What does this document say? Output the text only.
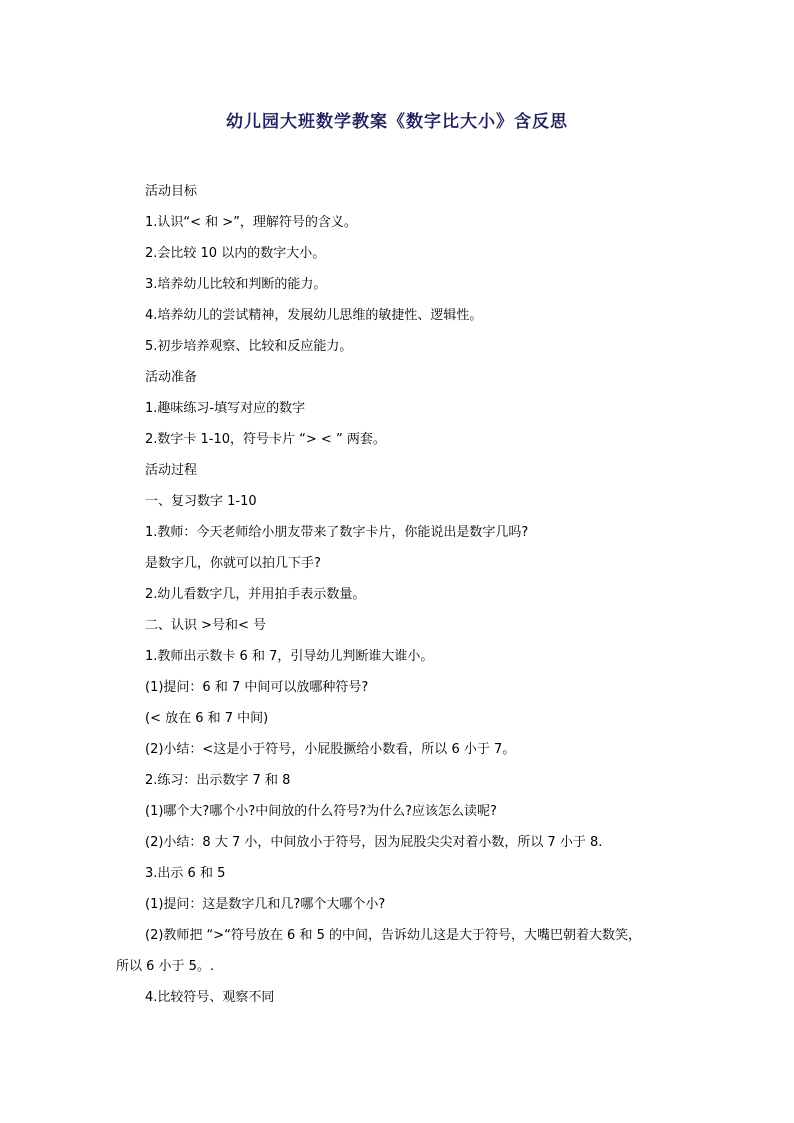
幼儿园大班数学教案《数字比大小》含反思

活动目标

1.认识“< 和 >”，理解符号的含义。

2.会比较 10 以内的数字大小。

3.培养幼儿比较和判断的能力。

4.培养幼儿的尝试精神，发展幼儿思维的敏捷性、逻辑性。

5.初步培养观察、比较和反应能力。

活动准备

1.趣味练习-填写对应的数字

2.数字卡 1-10，符号卡片 “> < ” 两套。

活动过程

一、复习数字 1-10

1.教师：今天老师给小朋友带来了数字卡片，你能说出是数字几吗?

是数字几，你就可以拍几下手?

2.幼儿看数字几，并用拍手表示数量。

二、认识 >号和< 号

1.教师出示数卡 6 和 7，引导幼儿判断谁大谁小。

(1)提问：6 和 7 中间可以放哪种符号?

(< 放在 6 和 7 中间)

(2)小结：<这是小于符号，小屁股撅给小数看，所以 6 小于 7。

2.练习：出示数字 7 和 8

(1)哪个大?哪个小?中间放的什么符号?为什么?应该怎么读呢?

(2)小结：8 大 7 小，中间放小于符号，因为屁股尖尖对着小数，所以 7 小于 8.

3.出示 6 和 5

(1)提问：这是数字几和几?哪个大哪个小?

(2)教师把 “>“符号放在 6 和 5 的中间，告诉幼儿这是大于符号，大嘴巴朝着大数笑，

所以 6 小于 5。.

4.比较符号、观察不同
